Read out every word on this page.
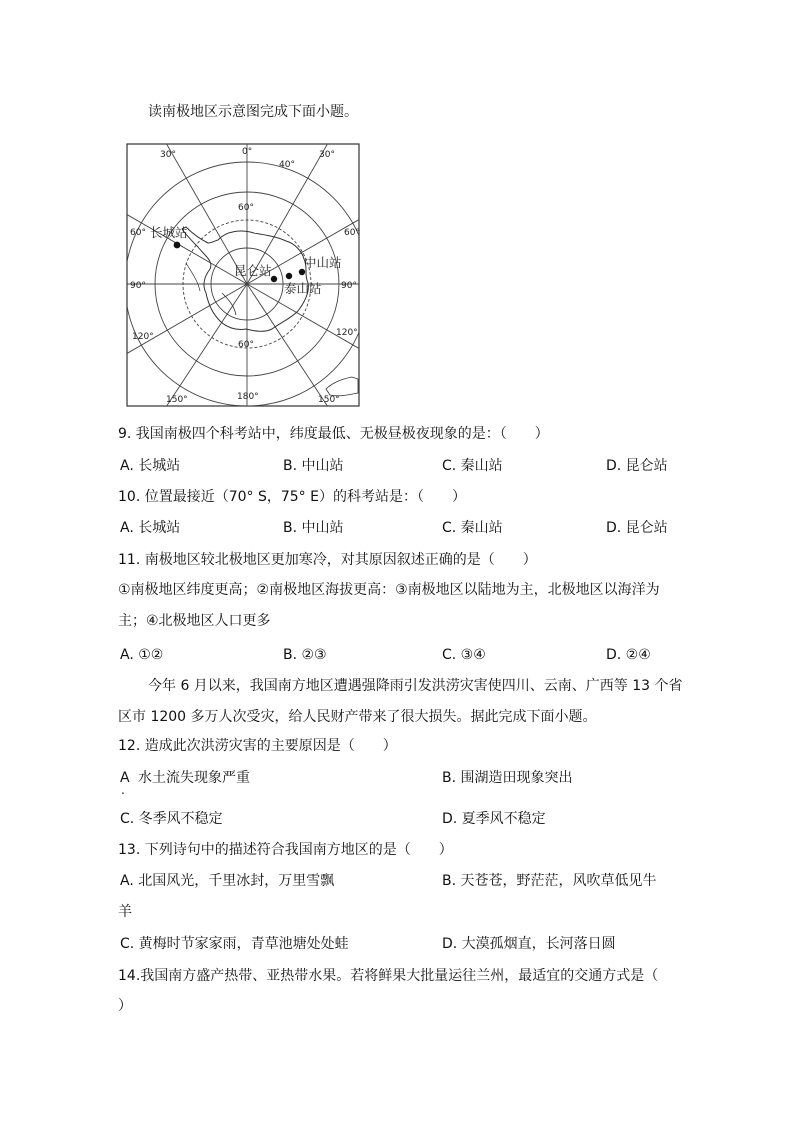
读南极地区示意图完成下面小题。
30°	0°	30°
40°
60°	60°
60°
60°
90°	90°
120°	120°
150°	180°	150°
长城站
昆仑站
中山站
泰山站
9. 我国南极四个科考站中，纬度最低、无极昼极夜现象的是：（　　）
A. 长城站	B. 中山站	C. 秦山站	D. 昆仑站
10. 位置最接近（70° S，75° E）的科考站是：（　　）
A. 长城站	B. 中山站	C. 秦山站	D. 昆仑站
11. 南极地区较北极地区更加寒冷，对其原因叙述正确的是（　　）
①南极地区纬度更高；②南极地区海拔更高：③南极地区以陆地为主，北极地区以海洋为
主；④北极地区人口更多
A. ①②	B. ②③	C. ③④	D. ②④
今年 6 月以来，我国南方地区遭遇强降雨引发洪涝灾害使四川、云南、广西等 13 个省
区市 1200 多万人次受灾，给人民财产带来了很大损失。据此完成下面小题。
12. 造成此次洪涝灾害的主要原因是（　　）
A
.
水土流失现象严重	B. 围湖造田现象突出
C. 冬季风不稳定	D. 夏季风不稳定
13. 下列诗句中的描述符合我国南方地区的是（　　）
A. 北国风光，千里冰封，万里雪飘	B. 天苍苍，野茫茫，风吹草低见牛
羊
C. 黄梅时节家家雨，青草池塘处处蛙	D. 大漠孤烟直，长河落日圆
14.我国南方盛产热带、亚热带水果。若将鲜果大批量运往兰州，最适宜的交通方式是（
）
